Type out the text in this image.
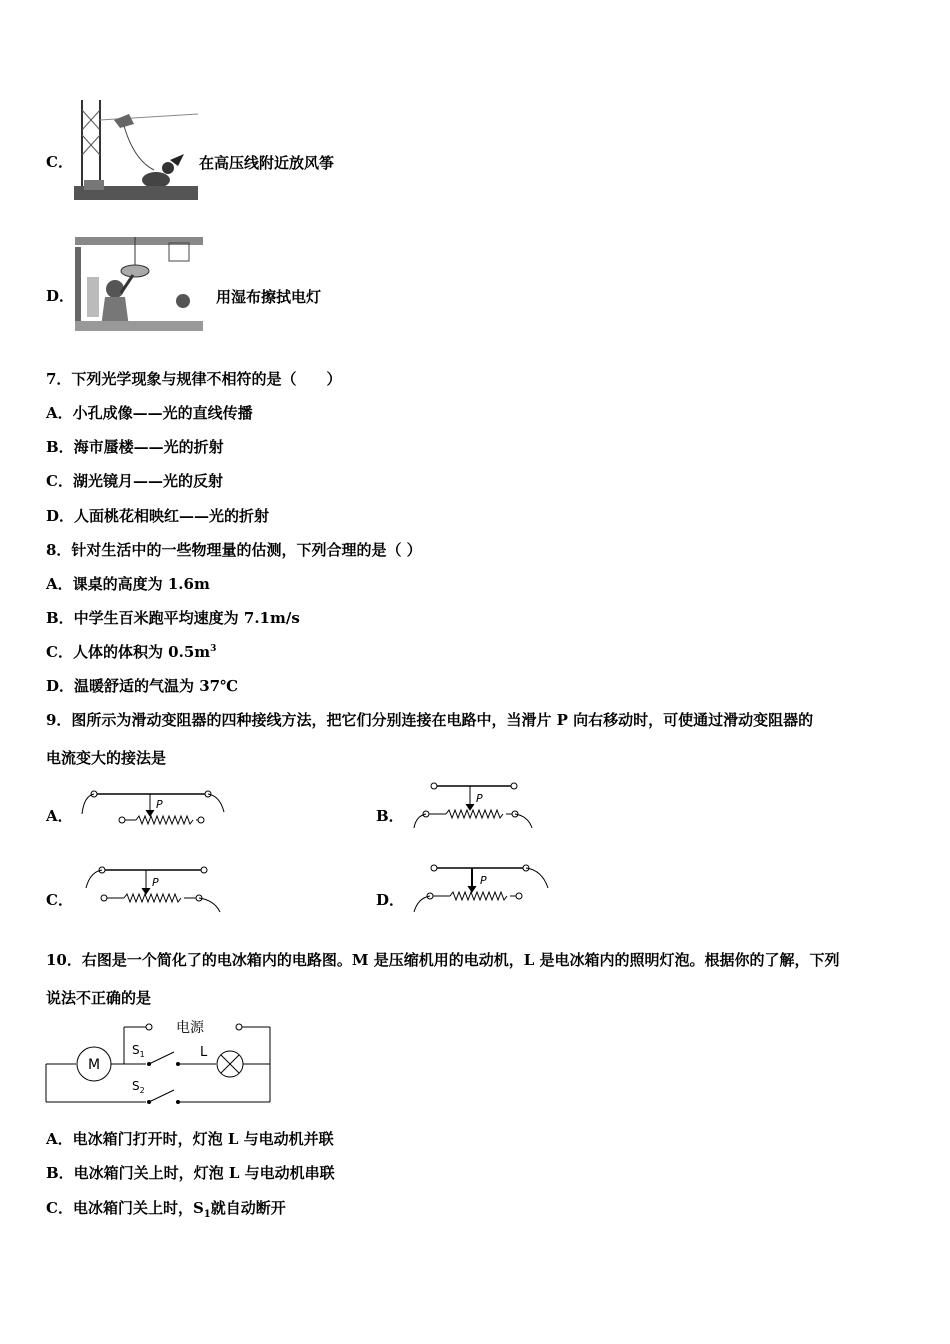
C．	在高压线附近放风筝
D．	用湿布擦拭电灯
7．下列光学现象与规律不相符的是（　　）
A．小孔成像——光的直线传播
B．海市蜃楼——光的折射
C．湖光镜月——光的反射
D．人面桃花相映红——光的折射
8．针对生活中的一些物理量的估测，下列合理的是（ ）
A．课桌的高度为 1.6m
B．中学生百米跑平均速度为 7.1m/s
C．人体的体积为 $0.5m^3$
D．温暖舒适的气温为 37℃
9．图所示为滑动变阻器的四种接线方法，把它们分别连接在电路中，当滑片 P 向右移动时，可使通过滑动变阻器的
电流变大的接法是
A．
P
B．
P
C．
P
D．
P
10．右图是一个简化了的电冰箱内的电路图。M 是压缩机用的电动机，L 是电冰箱内的照明灯泡。根据你的了解，下列
说法不正确的是
电源
M
$S_1$	L
$S_2$
A．电冰箱门打开时，灯泡 L 与电动机并联
B．电冰箱门关上时，灯泡 L 与电动机串联
C．电冰箱门关上时，$S_1$就自动断开
